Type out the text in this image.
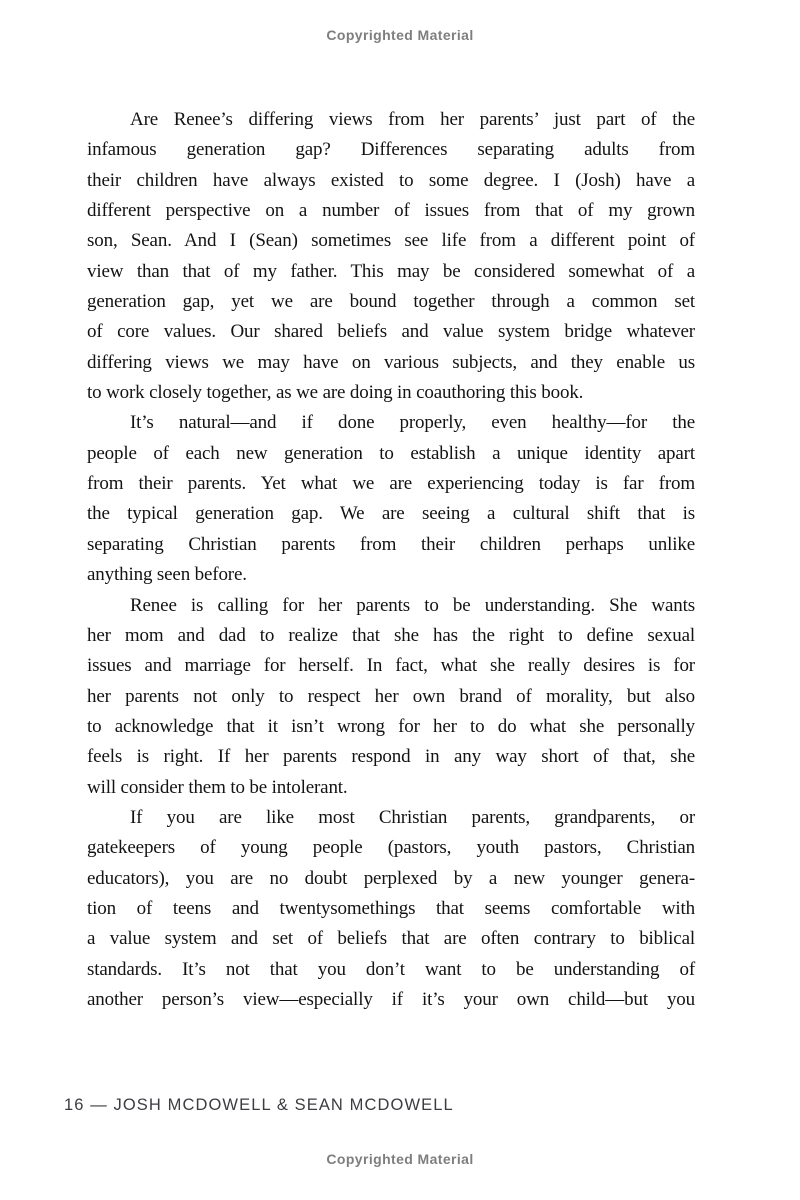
Copyrighted Material
Are Renee’s differing views from her parents’ just part of the
infamous generation gap? Differences separating adults from
their children have always existed to some degree. I (Josh) have a
different perspective on a number of issues from that of my grown
son, Sean. And I (Sean) sometimes see life from a different point of
view than that of my father. This may be considered somewhat of a
generation gap, yet we are bound together through a common set
of core values. Our shared beliefs and value system bridge whatever
differing views we may have on various subjects, and they enable us
to work closely together, as we are doing in coauthoring this book.
It’s natural—and if done properly, even healthy—for the
people of each new generation to establish a unique identity apart
from their parents. Yet what we are experiencing today is far from
the typical generation gap. We are seeing a cultural shift that is
separating Christian parents from their children perhaps unlike
anything seen before.
Renee is calling for her parents to be understanding. She wants
her mom and dad to realize that she has the right to define sexual
issues and marriage for herself. In fact, what she really desires is for
her parents not only to respect her own brand of morality, but also
to acknowledge that it isn’t wrong for her to do what she personally
feels is right. If her parents respond in any way short of that, she
will consider them to be intolerant.
If you are like most Christian parents, grandparents, or
gatekeepers of young people (pastors, youth pastors, Christian
educators), you are no doubt perplexed by a new younger genera-
tion of teens and twentysomethings that seems comfortable with
a value system and set of beliefs that are often contrary to biblical
standards. It’s not that you don’t want to be understanding of
another person’s view—especially if it’s your own child—but you
16 — JOSH MCDOWELL & SEAN MCDOWELL
Copyrighted Material
